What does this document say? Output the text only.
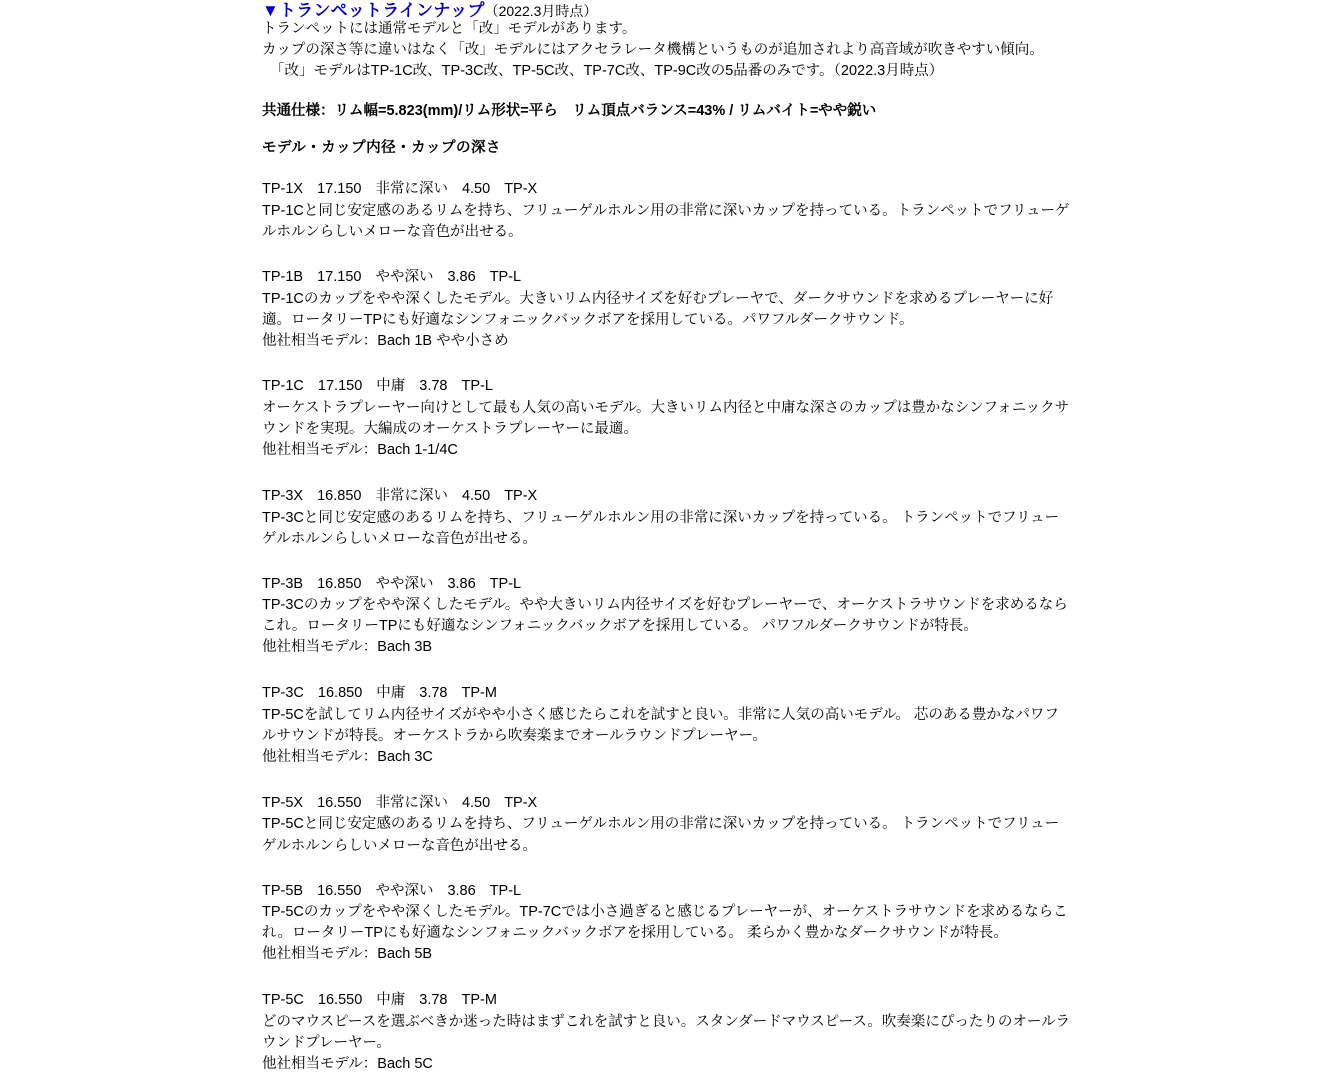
▼トランペットラインナップ（2022.3月時点）
トランペットには通常モデルと「改」モデルがあります。
カップの深さ等に違いはなく「改」モデルにはアクセラレータ機構というものが追加されより高音域が吹きやすい傾向。
「改」モデルはTP-1C改、TP-3C改、TP-5C改、TP-7C改、TP-9C改の5品番のみです。（2022.3月時点）
共通仕様：リム幅=5.823(mm)/リム形状=平ら　リム頂点バランス=43% / リムバイト=やや鋭い
モデル・カップ内径・カップの深さ
TP-1X 17.150 非常に深い 4.50 TP-X
TP-1Cと同じ安定感のあるリムを持ち、フリューゲルホルン用の非常に深いカップを持っている。トランペットでフリューゲルホルンらしいメローな音色が出せる。
TP-1B 17.150 やや深い 3.86 TP-L
TP-1Cのカップをやや深くしたモデル。大きいリム内径サイズを好むプレーヤで、ダークサウンドを求めるプレーヤーに好適。ロータリーTPにも好適なシンフォニックバックボアを採用している。パワフルダークサウンド。
他社相当モデル：Bach 1B やや小さめ
TP-1C 17.150 中庸 3.78 TP-L
オーケストラプレーヤー向けとして最も人気の高いモデル。大きいリム内径と中庸な深さのカップは豊かなシンフォニックサウンドを実現。大編成のオーケストラプレーヤーに最適。
他社相当モデル：Bach 1-1/4C
TP-3X 16.850 非常に深い 4.50 TP-X
TP-3Cと同じ安定感のあるリムを持ち、フリューゲルホルン用の非常に深いカップを持っている。 トランペットでフリューゲルホルンらしいメローな音色が出せる。
TP-3B 16.850 やや深い 3.86 TP-L
TP-3Cのカップをやや深くしたモデル。やや大きいリム内径サイズを好むプレーヤーで、オーケストラサウンドを求めるならこれ。ロータリーTPにも好適なシンフォニックバックボアを採用している。 パワフルダークサウンドが特長。
他社相当モデル：Bach 3B
TP-3C 16.850 中庸 3.78 TP-M
TP-5Cを試してリム内径サイズがやや小さく感じたらこれを試すと良い。非常に人気の高いモデル。 芯のある豊かなパワフルサウンドが特長。オーケストラから吹奏楽までオールラウンドプレーヤー。
他社相当モデル：Bach 3C
TP-5X 16.550 非常に深い 4.50 TP-X
TP-5Cと同じ安定感のあるリムを持ち、フリューゲルホルン用の非常に深いカップを持っている。 トランペットでフリューゲルホルンらしいメローな音色が出せる。
TP-5B 16.550 やや深い 3.86 TP-L
TP-5Cのカップをやや深くしたモデル。TP-7Cでは小さ過ぎると感じるプレーヤーが、オーケストラサウンドを求めるならこれ。ロータリーTPにも好適なシンフォニックバックボアを採用している。 柔らかく豊かなダークサウンドが特長。
他社相当モデル：Bach 5B
TP-5C 16.550 中庸 3.78 TP-M
どのマウスピースを選ぶべきか迷った時はまずこれを試すと良い。スタンダードマウスピース。吹奏楽にぴったりのオールラウンドプレーヤー。
他社相当モデル：Bach 5C
